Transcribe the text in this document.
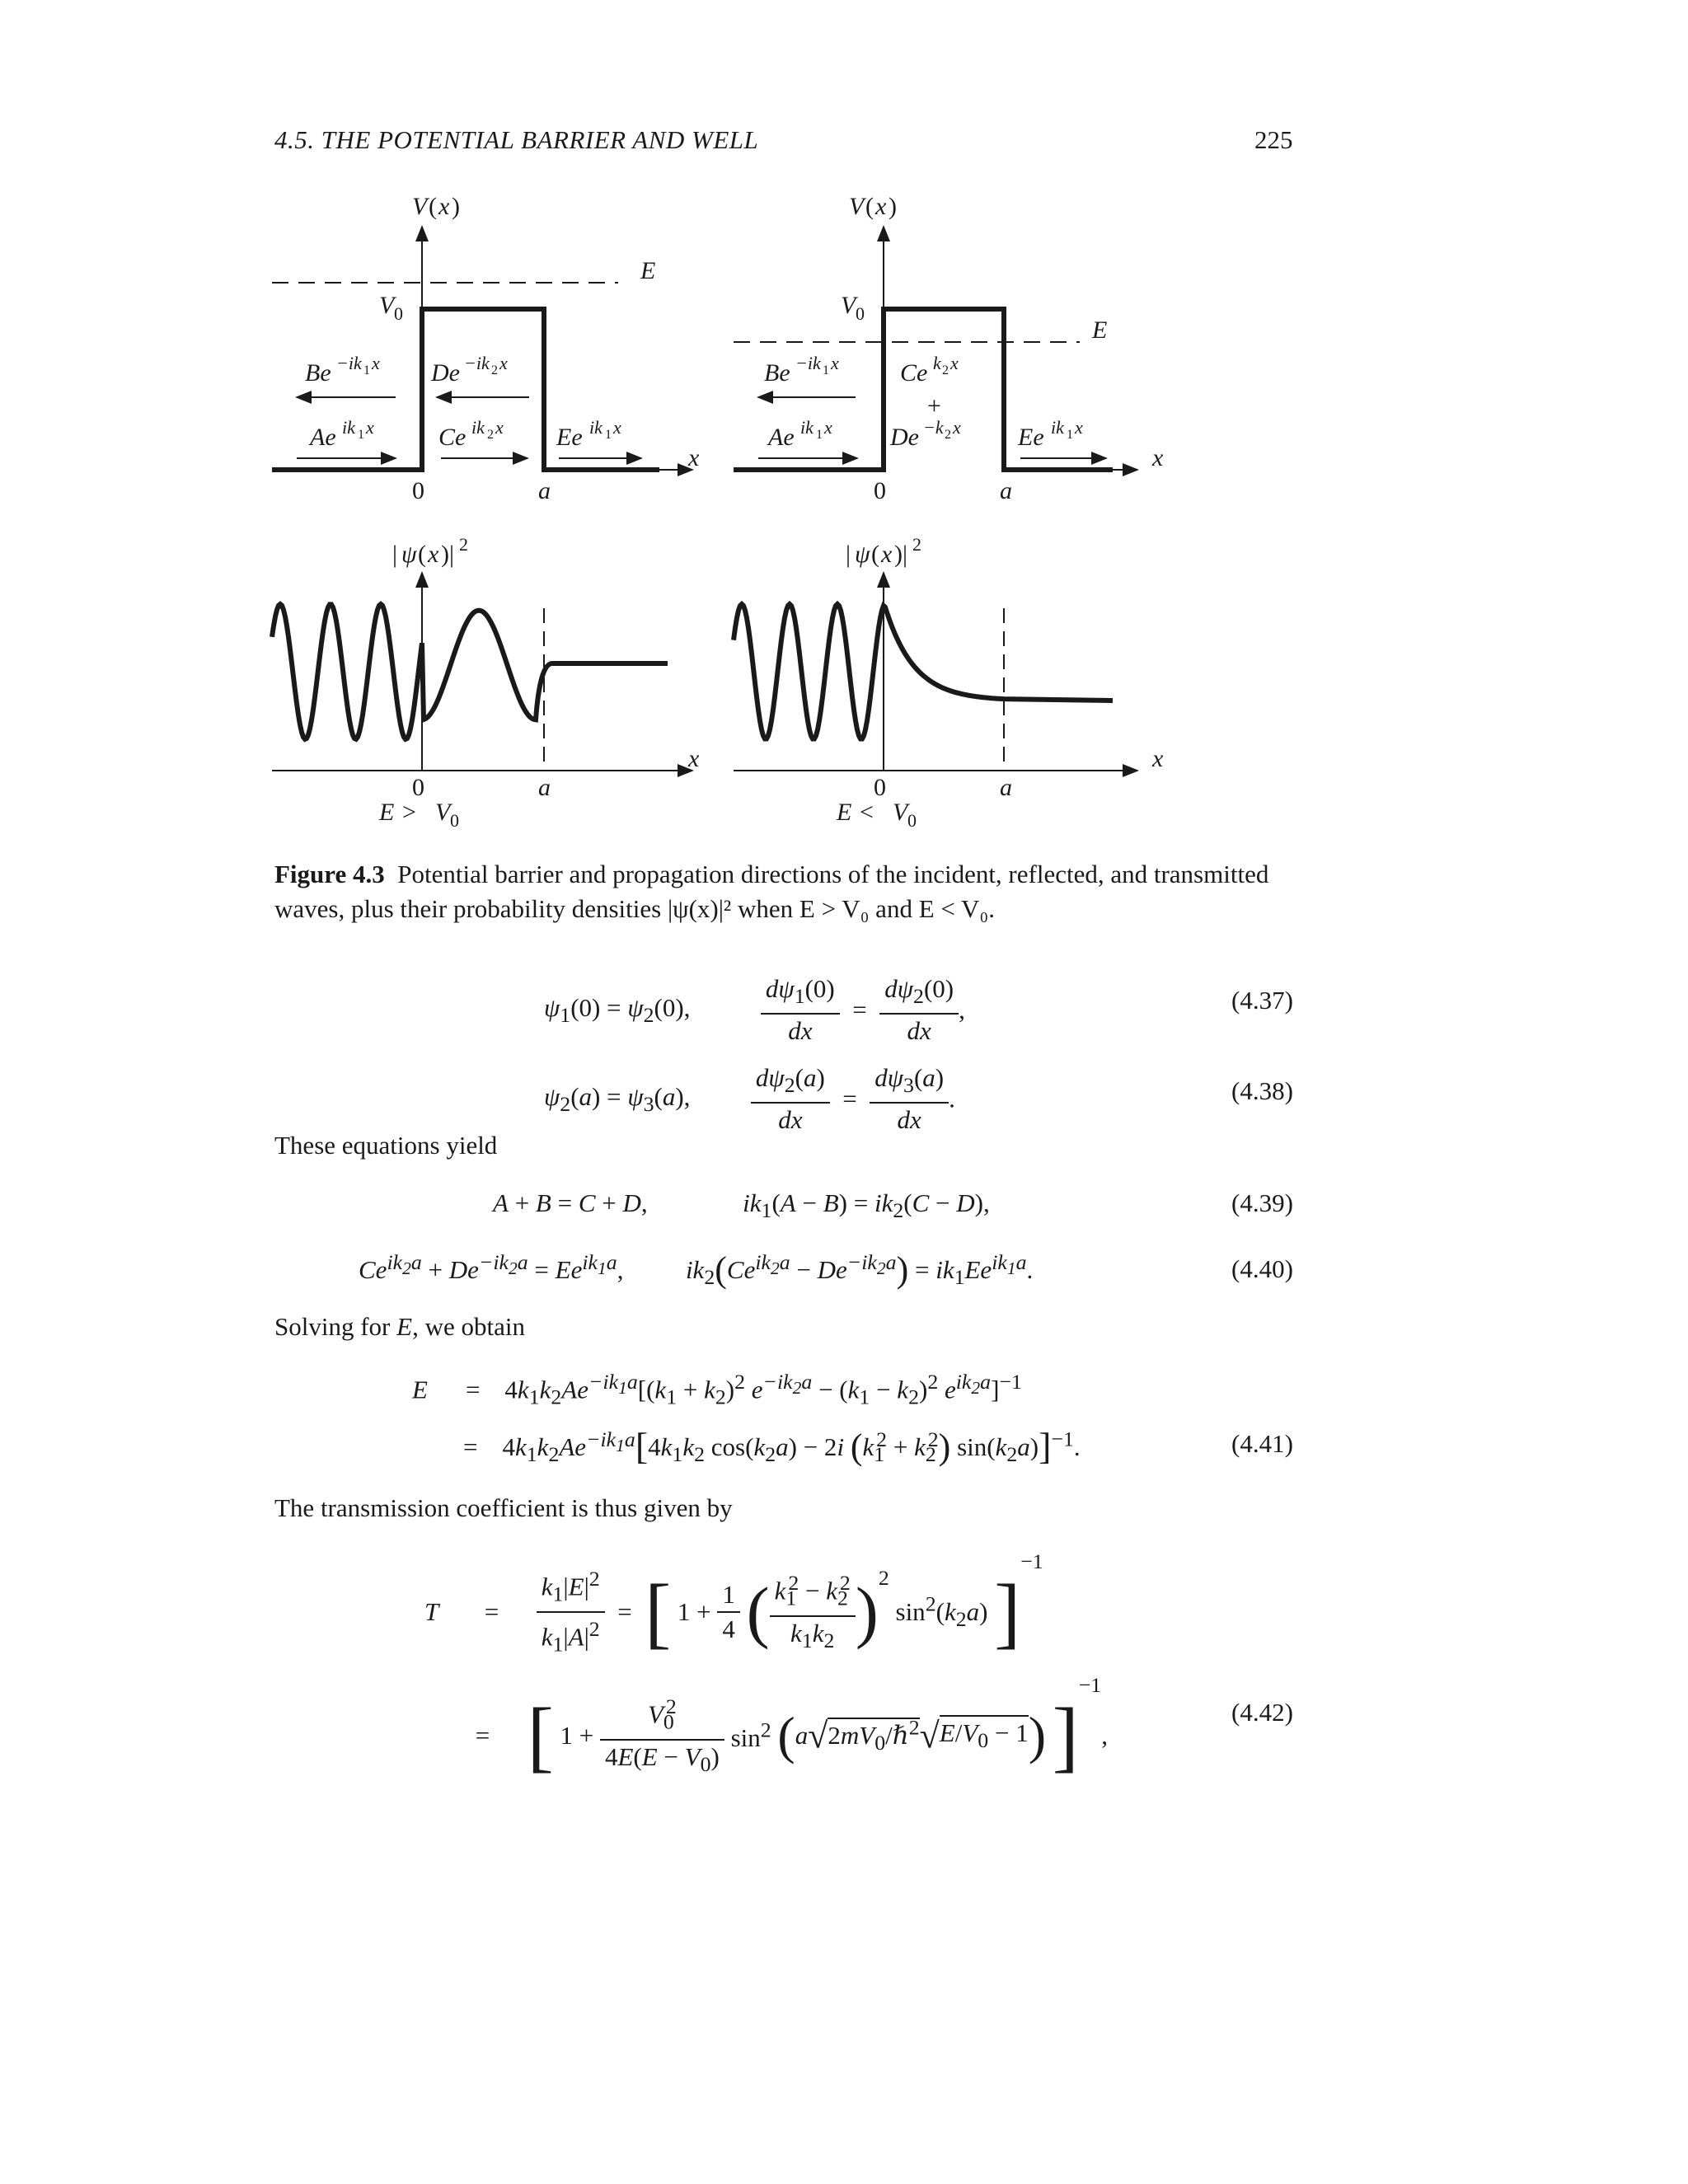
4.5. THE POTENTIAL BARRIER AND WELL	225
V ( x )
E
V 0
x
0	a
Be −ik 1 x De −ik 2 x
Ae ik 1 x	Ce ik 2 x Ee ik 1 x
V ( x )
V 0
E
x
0	a
Be −ik 1 x Ce k 2 x
+
De −k 2 x
Ae ik 1 x	Ee ik 1 x
| ψ ( x )| 2
x
0	a
E > V 0
| ψ ( x )| 2
x
0	a
E < V 0
Figure 4.3 Potential barrier and propagation directions of the incident, reflected, and transmitted waves, plus their probability densities |ψ(x)|² when E > V₀ and E < V₀.
$\psi_1(0) = \psi_2(0)$,	$\frac{d\psi_1(0)}{dx} = \frac{d\psi_2(0)}{dx}$ ,	(4.37)
$\psi_2(a) = \psi_3(a)$, $\frac{d\psi_2(a)}{dx} = \frac{d\psi_3(a)}{dx}$ .	(4.38)
These equations yield
A + B = C + D,	$ik_1(A - B) = ik_2(C - D)$,	(4.39)
$Ce^{ik_2a} + De^{-ik_2a} = Ee^{ik_1a}$,  $ik_2(Ce^{ik_2a} - De^{-ik_2a}) = ik_1Ee^{ik_1a}$.	(4.40)
Solving for E, we obtain
$E = 4k_1k_2Ae^{-ik_1a}[(k_1 + k_2)^2$ $e^{-ik_2a} - (k_1 - k_2)^2$ $e^{ik_2a}]^{-1}$
= $4k_1k_2Ae^{-ik_1a}[4k_1k_2$ $\cos(k_2a) - 2i$ $(k_1^2 + k_2^2)$ $\sin(k_2a)]^{-1}$.	(4.41)
The transmission coefficient is thus given by
$T = \frac{k_1|E|^2}{k_1|A|^2}$ =  [ $1 + \frac{1}{4}$ ( $\frac{k_1^2 - k_2^2}{k_1k_2} )^2$ $\sin^2(k_2a)$ ]$^{-1}$
= [ $1 + \frac{V_0^2}{4E(E - V_0)} \sin^2$ $(a√2mV_0/\hbar^2√E/V_0 - 1)$ ]$^{-1}$,
(4.42)
